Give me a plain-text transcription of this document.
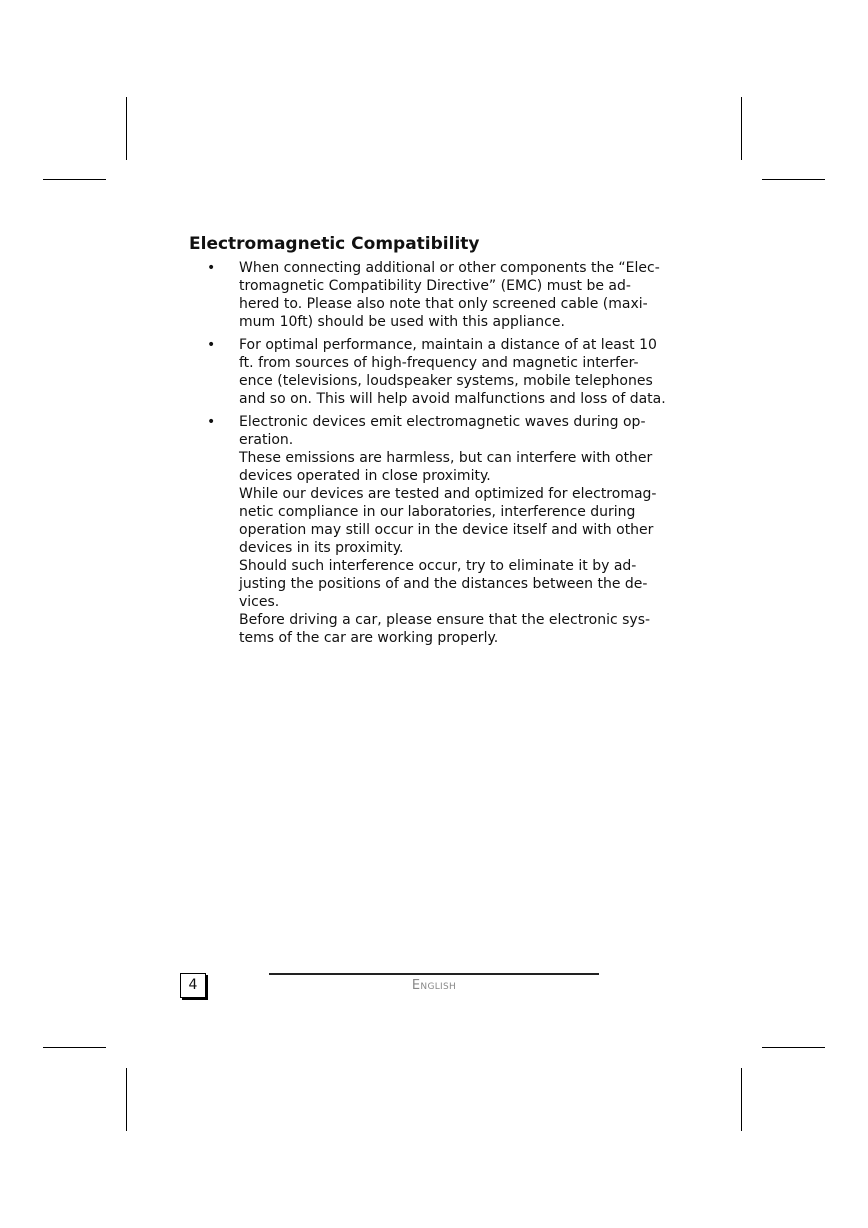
Electromagnetic Compatibility
• When connecting additional or other components the “Elec-
tromagnetic Compatibility Directive” (EMC) must be ad-
hered to. Please also note that only screened cable (maxi-
mum 10ft) should be used with this appliance.
• For optimal performance, maintain a distance of at least 10
ft. from sources of high-frequency and magnetic interfer-
ence (televisions, loudspeaker systems, mobile telephones
and so on. This will help avoid malfunctions and loss of data.
• Electronic devices emit electromagnetic waves during op-
eration.
These emissions are harmless, but can interfere with other
devices operated in close proximity.
While our devices are tested and optimized for electromag-
netic compliance in our laboratories, interference during
operation may still occur in the device itself and with other
devices in its proximity.
Should such interference occur, try to eliminate it by ad-
justing the positions of and the distances between the de-
vices.
Before driving a car, please ensure that the electronic sys-
tems of the car are working properly.
4	English
